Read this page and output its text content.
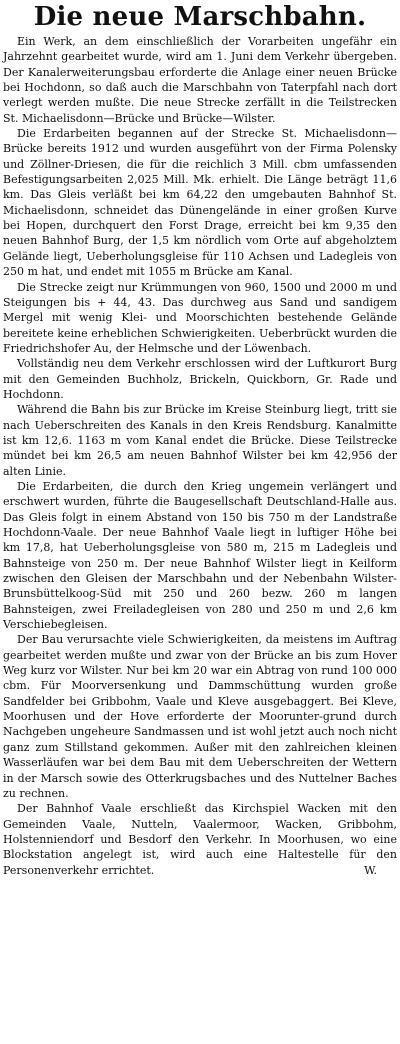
Die neue Marschbahn.

Ein Werk, an dem einschließlich der Vorarbeiten ungefähr ein Jahrzehnt gearbeitet wurde, wird am 1. Juni dem Verkehr übergeben. Der Kanalerweiterungsbau erforderte die Anlage einer neuen Brücke bei Hochdonn, so daß auch die Marschbahn von Taterpfahl nach dort verlegt werden mußte. Die neue Strecke zerfällt in die Teilstrecken St. Michaelisdonn—Brücke und Brücke—Wilster.

Die Erdarbeiten begannen auf der Strecke St. Michaelisdonn—Brücke bereits 1912 und wurden ausgeführt von der Firma Polensky und Zöllner-Driesen, die für die reichlich 3 Mill. cbm umfassenden Befestigungsarbeiten 2,025 Mill. Mk. erhielt. Die Länge beträgt 11,6 km. Das Gleis verläßt bei km 64,22 den umgebauten Bahnhof St. Michaelisdonn, schneidet das Dünengelände in einer großen Kurve bei Hopen, durchquert den Forst Drage, erreicht bei km 9,35 den neuen Bahnhof Burg, der 1,5 km nördlich vom Orte auf abgeholztem Gelände liegt, Ueberholungsgleise für 110 Achsen und Ladegleis von 250 m hat, und endet mit 1055 m Brücke am Kanal.

Die Strecke zeigt nur Krümmungen von 960, 1500 und 2000 m und Steigungen bis + 44, 43. Das durchweg aus Sand und sandigem Mergel mit wenig Klei- und Moorschichten bestehende Gelände bereitete keine erheblichen Schwierigkeiten. Ueberbrückt wurden die Friedrichshofer Au, der Helmsche und der Löwenbach.

Vollständig neu dem Verkehr erschlossen wird der Luftkurort Burg mit den Gemeinden Buchholz, Brickeln, Quickborn, Gr. Rade und Hochdonn.

Während die Bahn bis zur Brücke im Kreise Steinburg liegt, tritt sie nach Ueberschreiten des Kanals in den Kreis Rendsburg. Kanalmitte ist km 12,6. 1163 m vom Kanal endet die Brücke. Diese Teilstrecke mündet bei km 26,5 am neuen Bahnhof Wilster bei km 42,956 der alten Linie.

Die Erdarbeiten, die durch den Krieg ungemein verlängert und erschwert wurden, führte die Baugesellschaft Deutschland-Halle aus. Das Gleis folgt in einem Abstand von 150 bis 750 m der Landstraße Hochdonn-Vaale. Der neue Bahnhof Vaale liegt in luftiger Höhe bei km 17,8, hat Ueberholungsgleise von 580 m, 215 m Ladegleis und Bahnsteige von 250 m. Der neue Bahnhof Wilster liegt in Keilform zwischen den Gleisen der Marschbahn und der Nebenbahn Wilster-Brunsbüttelkoog-Süd mit 250 und 260 bezw. 260 m langen Bahnsteigen, zwei Freiladegleisen von 280 und 250 m und 2,6 km Verschiebegleisen.

Der Bau verursachte viele Schwierigkeiten, da meistens im Auftrag gearbeitet werden mußte und zwar von der Brücke an bis zum Hover Weg kurz vor Wilster. Nur bei km 20 war ein Abtrag von rund 100 000 cbm. Für Moorversenkung und Dammschüttung wurden große Sandfelder bei Gribbohm, Vaale und Kleve ausgebaggert. Bei Kleve, Moorhusen und der Hove erforderte der Moorunter-grund durch Nachgeben ungeheure Sandmassen und ist wohl jetzt auch noch nicht ganz zum Stillstand gekommen. Außer mit den zahlreichen kleinen Wasserläufen war bei dem Bau mit dem Ueberschreiten der Wettern in der Marsch sowie des Otterkrugsbaches und des Nuttelner Baches zu rechnen.

Der Bahnhof Vaale erschließt das Kirchspiel Wacken mit den Gemeinden Vaale, Nutteln, Vaalermoor, Wacken, Gribbohm, Holstenniendorf und Besdorf den Verkehr. In Moorhusen, wo eine Blockstation angelegt ist, wird auch eine Haltestelle für den Personenverkehr errichtet.	W.
